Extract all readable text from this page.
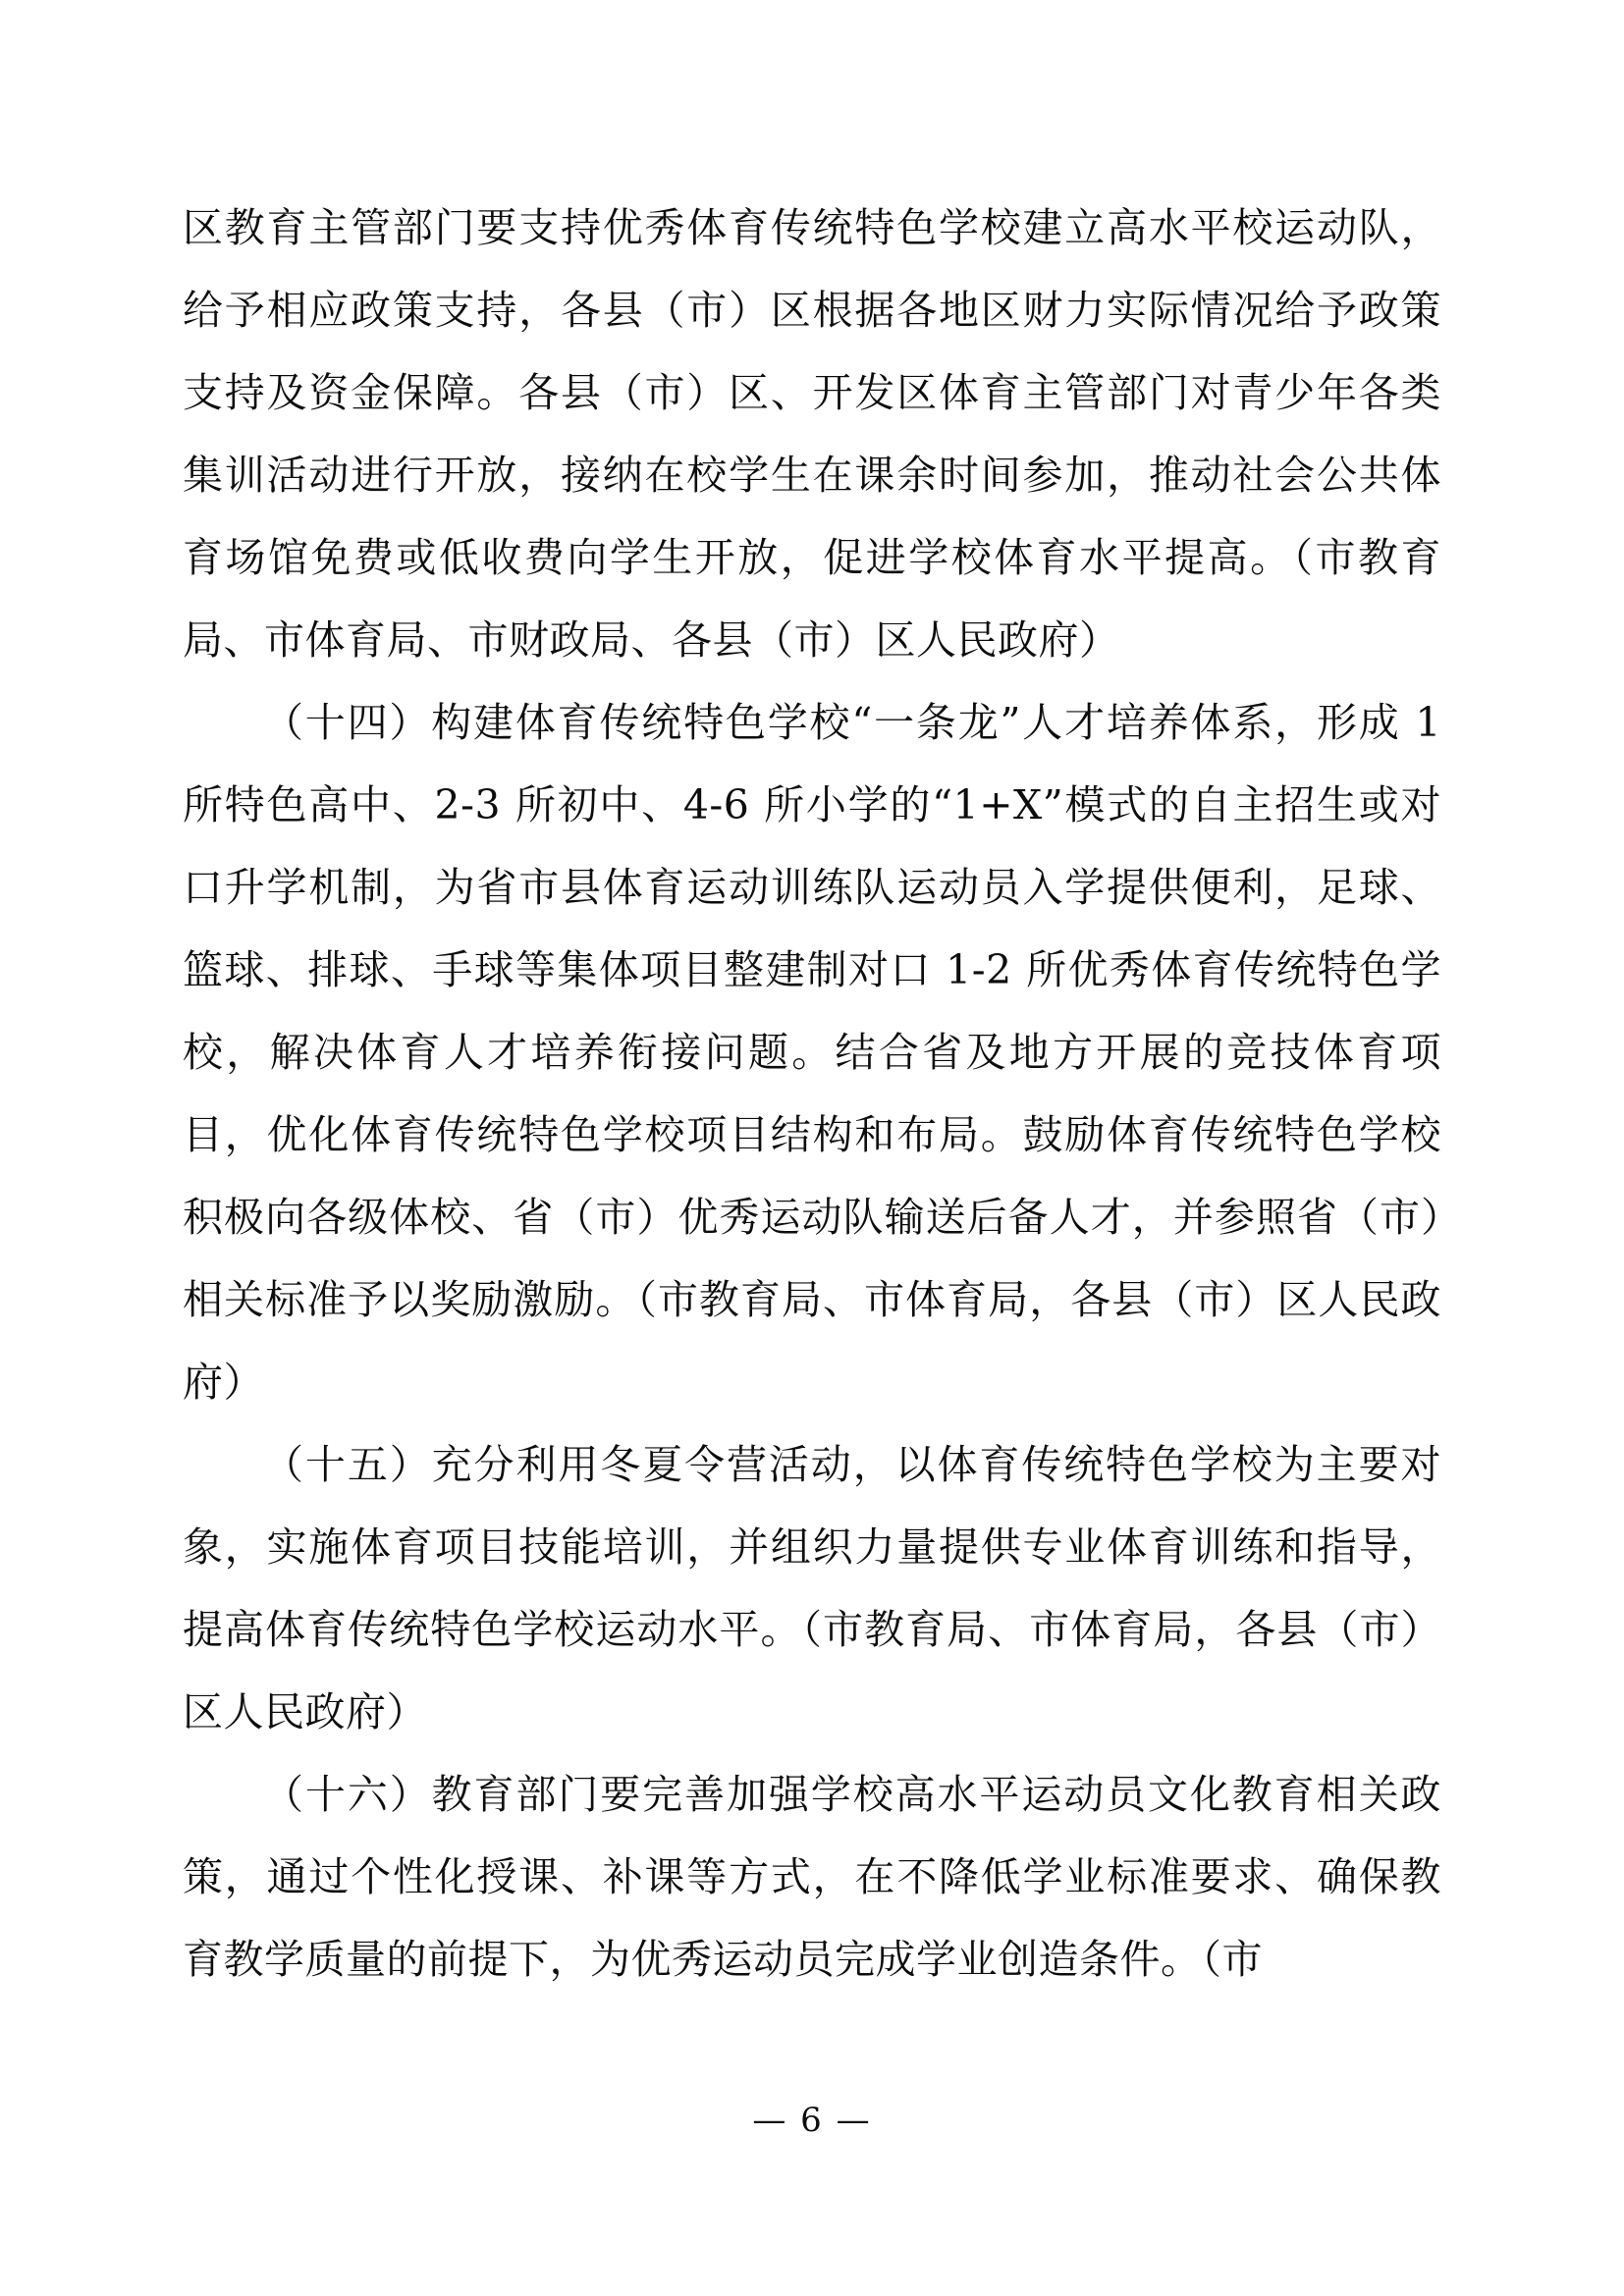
区教育主管部门要支持优秀体育传统特色学校建立高水平校运动队，给予相应政策支持，各县（市）区根据各地区财力实际情况给予政策支持及资金保障。各县（市）区、开发区体育主管部门对青少年各类集训活动进行开放，接纳在校学生在课余时间参加，推动社会公共体育场馆免费或低收费向学生开放，促进学校体育水平提高。（市教育局、市体育局、市财政局、各县（市）区人民政府）

（十四）构建体育传统特色学校“一条龙”人才培养体系，形成 1 所特色高中、2-3 所初中、4-6 所小学的“1+X”模式的自主招生或对口升学机制，为省市县体育运动训练队运动员入学提供便利，足球、篮球、排球、手球等集体项目整建制对口 1-2 所优秀体育传统特色学校，解决体育人才培养衔接问题。结合省及地方开展的竞技体育项目，优化体育传统特色学校项目结构和布局。鼓励体育传统特色学校积极向各级体校、省（市）优秀运动队输送后备人才，并参照省（市）相关标准予以奖励激励。（市教育局、市体育局，各县（市）区人民政府）

（十五）充分利用冬夏令营活动，以体育传统特色学校为主要对象，实施体育项目技能培训，并组织力量提供专业体育训练和指导，提高体育传统特色学校运动水平。（市教育局、市体育局，各县（市）区人民政府）

（十六）教育部门要完善加强学校高水平运动员文化教育相关政策，通过个性化授课、补课等方式，在不降低学业标准要求、确保教育教学质量的前提下，为优秀运动员完成学业创造条件。（市

— 6 —
